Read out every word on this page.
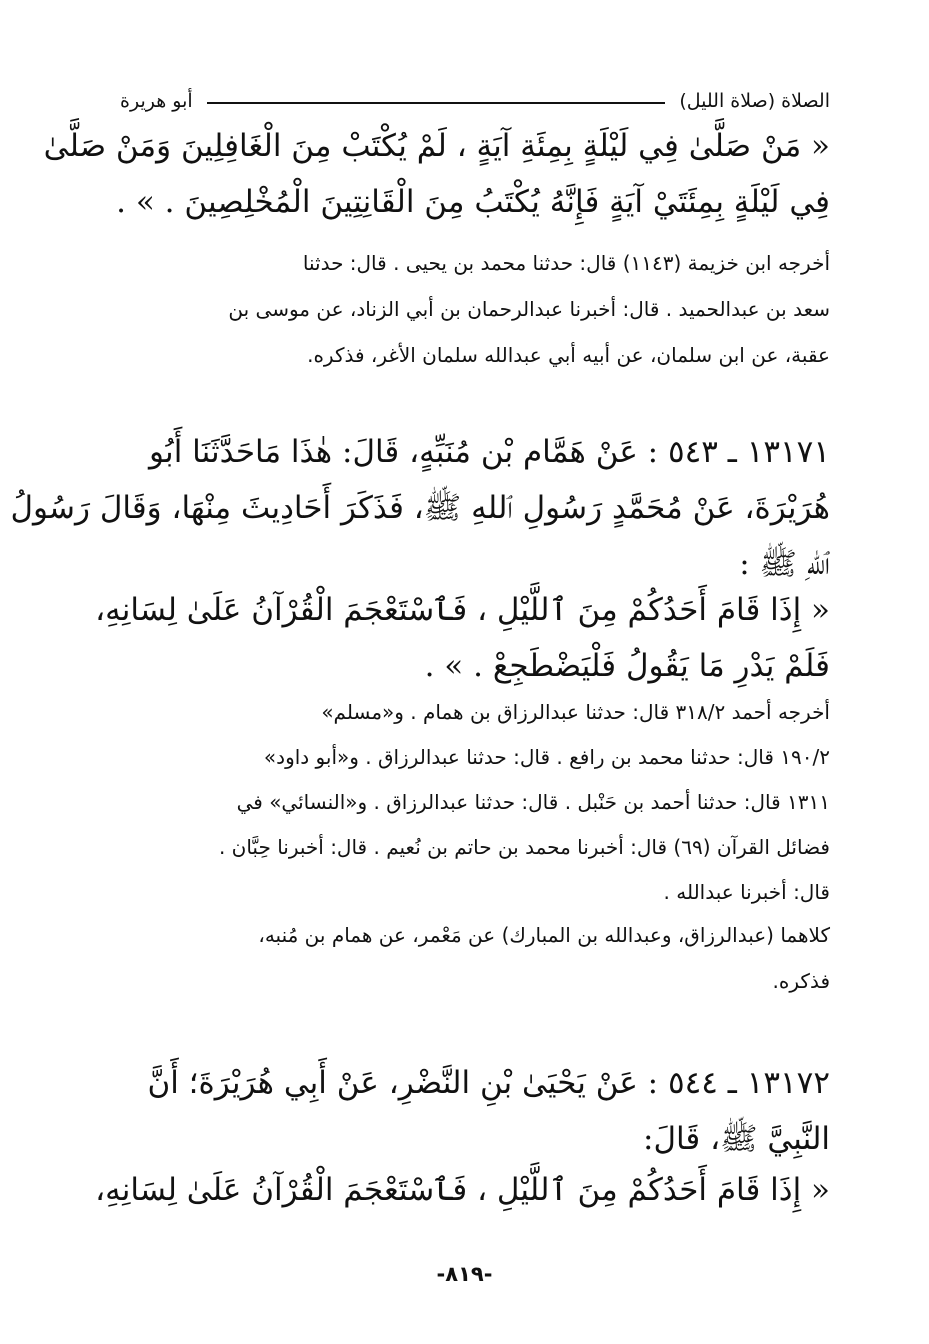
الصلاة (صلاة الليل)
أبو هريرة
« مَنْ صَلَّىٰ فِي لَيْلَةٍ بِمِئَةِ آيَةٍ ، لَمْ يُكْتَبْ مِنَ الْغَافِلِينَ وَمَنْ صَلَّىٰ
فِي لَيْلَةٍ بِمِئَتَيْ آيَةٍ فَإِنَّهُ يُكْتَبُ مِنَ الْقَانِتِينَ الْمُخْلِصِينَ . » .
أخرجه ابن خزيمة (١١٤٣) قال: حدثنا محمد بن يحيى . قال: حدثنا
سعد بن عبدالحميد . قال: أخبرنا عبدالرحمان بن أبي الزناد، عن موسى بن
عقبة، عن ابن سلمان، عن أبيه أبي عبدالله سلمان الأغر، فذكره.
١٣١٧١ ـ ٥٤٣ : عَنْ هَمَّام بْن مُنَبِّهٍ، قَالَ: هٰذَا مَاحَدَّثَنَا أَبُو
هُرَيْرَةَ، عَنْ مُحَمَّدٍ رَسُولِ ٱللهِ ﷺ، فَذَكَرَ أَحَادِيثَ مِنْهَا، وَقَالَ رَسُولُ
ٱللهِ ﷺ :
« إِذَا قَامَ أَحَدُكُمْ مِنَ ٱللَّيْلِ ، فَٱسْتَعْجَمَ الْقُرْآنُ عَلَىٰ لِسَانِهِ،
فَلَمْ يَدْرِ مَا يَقُولُ فَلْيَضْطَجِعْ . » .
أخرجه أحمد ٣١٨/٢ قال: حدثنا عبدالرزاق بن همام . و«مسلم»
١٩٠/٢ قال: حدثنا محمد بن رافع . قال: حدثنا عبدالرزاق . و«أبو داود»
١٣١١ قال: حدثنا أحمد بن حَنْبل . قال: حدثنا عبدالرزاق . و«النسائي» في
فضائل القرآن (٦٩) قال: أخبرنا محمد بن حاتم بن نُعيم . قال: أخبرنا حِبَّان .
قال: أخبرنا عبدالله .
كلاهما (عبدالرزاق، وعبدالله بن المبارك) عن مَعْمر، عن همام بن مُنبه،
فذكره.
١٣١٧٢ ـ ٥٤٤ : عَنْ يَحْيَىٰ بْنِ النَّضْرِ، عَنْ أَبِي هُرَيْرَةَ؛ أَنَّ
النَّبِيَّ ﷺ، قَالَ:
« إِذَا قَامَ أَحَدُكُمْ مِنَ ٱللَّيْلِ ، فَٱسْتَعْجَمَ الْقُرْآنُ عَلَىٰ لِسَانِهِ،
-٨١٩-
